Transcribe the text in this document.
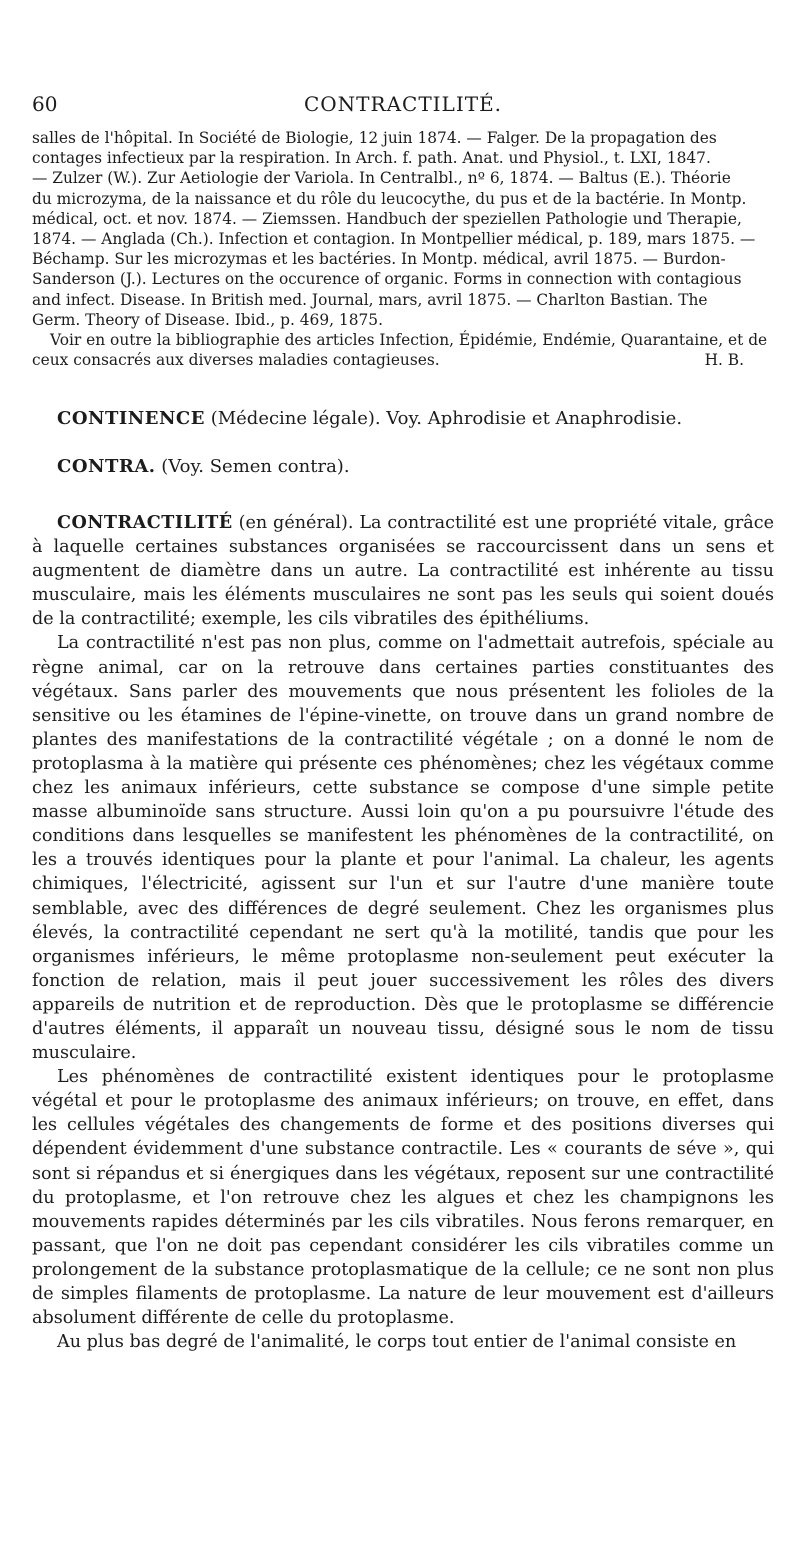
60	CONTRACTILITÉ.
salles de l'hôpital. In Société de Biologie, 12 juin 1874. — Falger. De la propagation des
contages infectieux par la respiration. In Arch. f. path. Anat. und Physiol., t. LXI, 1847.
— Zulzer (W.). Zur Aetiologie der Variola. In Centralbl., nº 6, 1874. — Baltus (E.). Théorie
du microzyma, de la naissance et du rôle du leucocythe, du pus et de la bactérie. In Montp.
médical, oct. et nov. 1874. — Ziemssen. Handbuch der speziellen Pathologie und Therapie,
1874. — Anglada (Ch.). Infection et contagion. In Montpellier médical, p. 189, mars 1875. —
Béchamp. Sur les microzymas et les bactéries. In Montp. médical, avril 1875. — Burdon-
Sanderson (J.). Lectures on the occurence of organic. Forms in connection with contagious
and infect. Disease. In British med. Journal, mars, avril 1875. — Charlton Bastian. The
Germ. Theory of Disease. Ibid., p. 469, 1875.
Voir en outre la bibliographie des articles Infection, Épidémie, Endémie, Quarantaine, et de
ceux consacrés aux diverses maladies contagieuses.	H. B.
CONTINENCE (Médecine légale). Voy. Aphrodisie et Anaphrodisie.
CONTRA. (Voy. Semen contra).

CONTRACTILITÉ (en général). La contractilité est une propriété vitale, grâce à laquelle certaines substances organisées se raccourcissent dans un sens et augmentent de diamètre dans un autre. La contractilité est inhérente au tissu musculaire, mais les éléments musculaires ne sont pas les seuls qui soient doués de la contractilité; exemple, les cils vibratiles des épithéliums.

La contractilité n'est pas non plus, comme on l'admettait autrefois, spéciale au règne animal, car on la retrouve dans certaines parties constituantes des végétaux. Sans parler des mouvements que nous présentent les folioles de la sensitive ou les étamines de l'épine-vinette, on trouve dans un grand nombre de plantes des manifestations de la contractilité végétale ; on a donné le nom de protoplasma à la matière qui présente ces phénomènes; chez les végétaux comme chez les animaux inférieurs, cette substance se compose d'une simple petite masse albuminoïde sans structure. Aussi loin qu'on a pu poursuivre l'étude des conditions dans lesquelles se manifestent les phénomènes de la contractilité, on les a trouvés identiques pour la plante et pour l'animal. La chaleur, les agents chimiques, l'électricité, agissent sur l'un et sur l'autre d'une manière toute semblable, avec des différences de degré seulement. Chez les organismes plus élevés, la contractilité cependant ne sert qu'à la motilité, tandis que pour les organismes inférieurs, le même protoplasme non-seulement peut exécuter la fonction de relation, mais il peut jouer successivement les rôles des divers appareils de nutrition et de reproduction. Dès que le protoplasme se différencie d'autres éléments, il apparaît un nouveau tissu, désigné sous le nom de tissu musculaire.

Les phénomènes de contractilité existent identiques pour le protoplasme végétal et pour le protoplasme des animaux inférieurs; on trouve, en effet, dans les cellules végétales des changements de forme et des positions diverses qui dépendent évidemment d'une substance contractile. Les « courants de séve », qui sont si répandus et si énergiques dans les végétaux, reposent sur une contractilité du protoplasme, et l'on retrouve chez les algues et chez les champignons les mouvements rapides déterminés par les cils vibratiles. Nous ferons remarquer, en passant, que l'on ne doit pas cependant considérer les cils vibratiles comme un prolongement de la substance protoplasmatique de la cellule; ce ne sont non plus de simples filaments de protoplasme. La nature de leur mouvement est d'ailleurs absolument différente de celle du protoplasme.

Au plus bas degré de l'animalité, le corps tout entier de l'animal consiste en
